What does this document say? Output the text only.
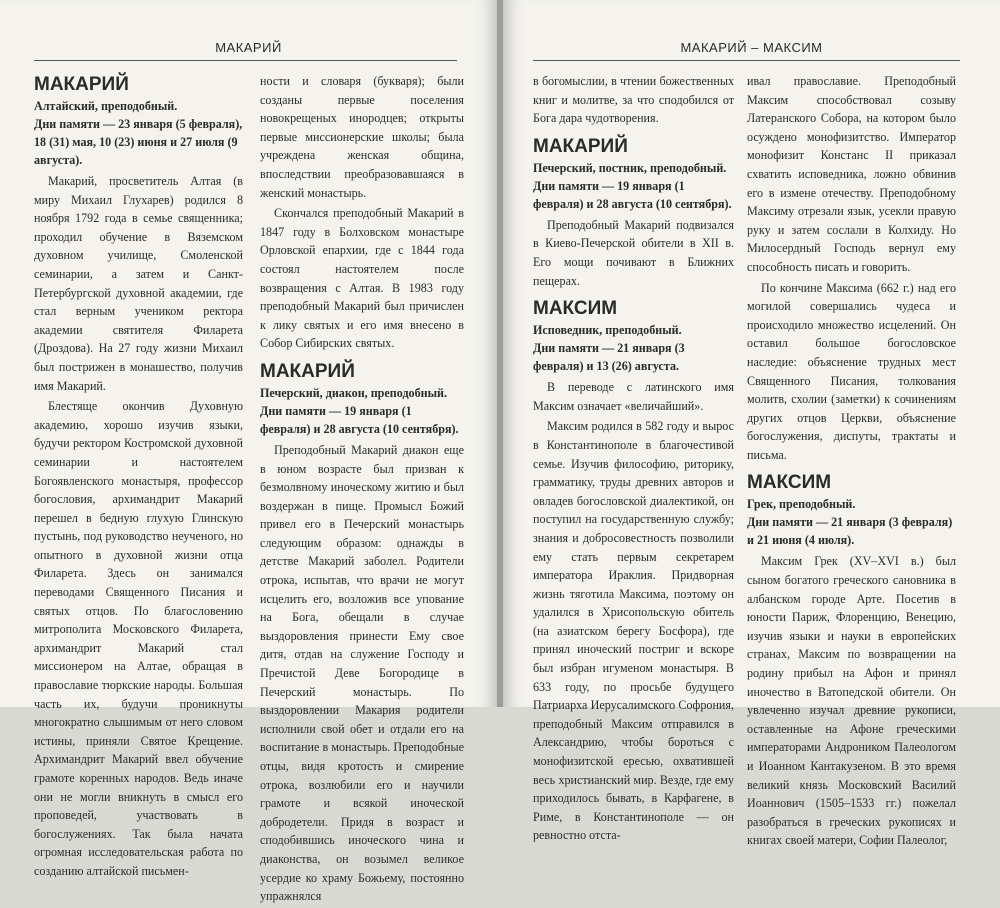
МАКАРИЙ
МАКАРИЙ
Алтайский, преподобный.
Дни памяти — 23 января (5 февраля), 18 (31) мая, 10 (23) июня и 27 июля (9 августа).

Макарий, просветитель Алтая (в миру Михаил Глухарев) родился 8 ноября 1792 года в семье священника; проходил обучение в Вяземском духовном училище, Смоленской семинарии, а затем и Санкт-Петербургской духовной академии, где стал верным учеником ректора академии святителя Филарета (Дроздова). На 27 году жизни Михаил был пострижен в монашество, получив имя Макарий.

Блестяще окончив Духовную академию, хорошо изучив языки, будучи ректором Костромской духовной семинарии и настоятелем Богоявленского монастыря, профессор богословия, архимандрит Макарий перешел в бедную глухую Глинскую пустынь, под руководство неученого, но опытного в духовной жизни отца Филарета. Здесь он занимался переводами Священного Писания и святых отцов. По благословению митрополита Московского Филарета, архимандрит Макарий стал миссионером на Алтае, обращая в православие тюркские народы. Большая часть их, будучи проникнуты многократно слышимым от него словом истины, приняли Святое Крещение. Архимандрит Макарий ввел обучение грамоте коренных народов. Ведь иначе они не могли вникнуть в смысл его проповедей, участвовать в богослужениях. Так была начата огромная исследовательская работа по созданию алтайской письмен-

ности и словаря (букваря); были созданы первые поселения новокрещеных инородцев; открыты первые миссионерские школы; была учреждена женская община, впоследствии преобразовавшаяся в женский монастырь.

Скончался преподобный Макарий в 1847 году в Болховском монастыре Орловской епархии, где с 1844 года состоял настоятелем после возвращения с Алтая. В 1983 году преподобный Макарий был причислен к лику святых и его имя внесено в Собор Сибирских святых.

МАКАРИЙ
Печерский, диакон, преподобный.
Дни памяти — 19 января (1 февраля) и 28 августа (10 сентября).

Преподобный Макарий диакон еще в юном возрасте был призван к безмолвному иноческому житию и был воздержан в пище. Промысл Божий привел его в Печерский монастырь следующим образом: однажды в детстве Макарий заболел. Родители отрока, испытав, что врачи не могут исцелить его, возложив все упование на Бога, обещали в случае выздоровления принести Ему свое дитя, отдав на служение Господу и Пречистой Деве Богородице в Печерский монастырь. По выздоровлении Макария родители исполнили свой обет и отдали его на воспитание в монастырь. Преподобные отцы, видя кротость и смирение отрока, возлюбили его и научили грамоте и всякой иноческой добродетели. Придя в возраст и сподобившись иноческого чина и диаконства, он возымел великое усердие ко храму Божьему, постоянно упражнялся

МАКАРИЙ – МАКСИМ

в богомыслии, в чтении божественных книг и молитве, за что сподобился от Бога дара чудотворения.

МАКАРИЙ
Печерский, постник, преподобный.
Дни памяти — 19 января (1 февраля) и 28 августа (10 сентября).

Преподобный Макарий подвизался в Киево-Печерской обители в XII в. Его мощи почивают в Ближних пещерах.

МАКСИМ
Исповедник, преподобный.
Дни памяти — 21 января (3 февраля) и 13 (26) августа.

В переводе с латинского имя Максим означает «величайший».

Максим родился в 582 году и вырос в Константинополе в благочестивой семье. Изучив философию, риторику, грамматику, труды древних авторов и овладев богословской диалектикой, он поступил на государственную службу; знания и добросовестность позволили ему стать первым секретарем императора Ираклия. Придворная жизнь тяготила Максима, поэтому он удалился в Хрисопольскую обитель (на азиатском берегу Босфора), где принял иноческий постриг и вскоре был избран игуменом монастыря. В 633 году, по просьбе будущего Патриарха Иерусалимского Софрония, преподобный Максим отправился в Александрию, чтобы бороться с монофизитской ересью, охватившей весь христианский мир. Везде, где ему приходилось бывать, в Карфагене, в Риме, в Константинополе — он ревностно отста-

ивал православие. Преподобный Максим способствовал созыву Латеранского Собора, на котором было осуждено монофизитство. Император монофизит Констанс II приказал схватить исповедника, ложно обвинив его в измене отечеству. Преподобному Максиму отрезали язык, усекли правую руку и затем сослали в Колхиду. Но Милосердный Господь вернул ему способность писать и говорить.

По кончине Максима (662 г.) над его могилой совершались чудеса и происходило множество исцелений. Он оставил большое богословское наследие: объяснение трудных мест Священного Писания, толкования молитв, схолии (заметки) к сочинениям других отцов Церкви, объяснение богослужения, диспуты, трактаты и письма.

МАКСИМ
Грек, преподобный.
Дни памяти — 21 января (3 февраля) и 21 июня (4 июля).

Максим Грек (XV–XVI в.) был сыном богатого греческого сановника в албанском городе Арте. Посетив в юности Париж, Флоренцию, Венецию, изучив языки и науки в европейских странах, Максим по возвращении на родину прибыл на Афон и принял иночество в Ватопедской обители. Он увлеченно изучал древние рукописи, оставленные на Афоне греческими императорами Андроником Палеологом и Иоанном Кантакузеном. В это время великий князь Московский Василий Иоаннович (1505–1533 гг.) пожелал разобраться в греческих рукописях и книгах своей матери, Софии Палеолог,
